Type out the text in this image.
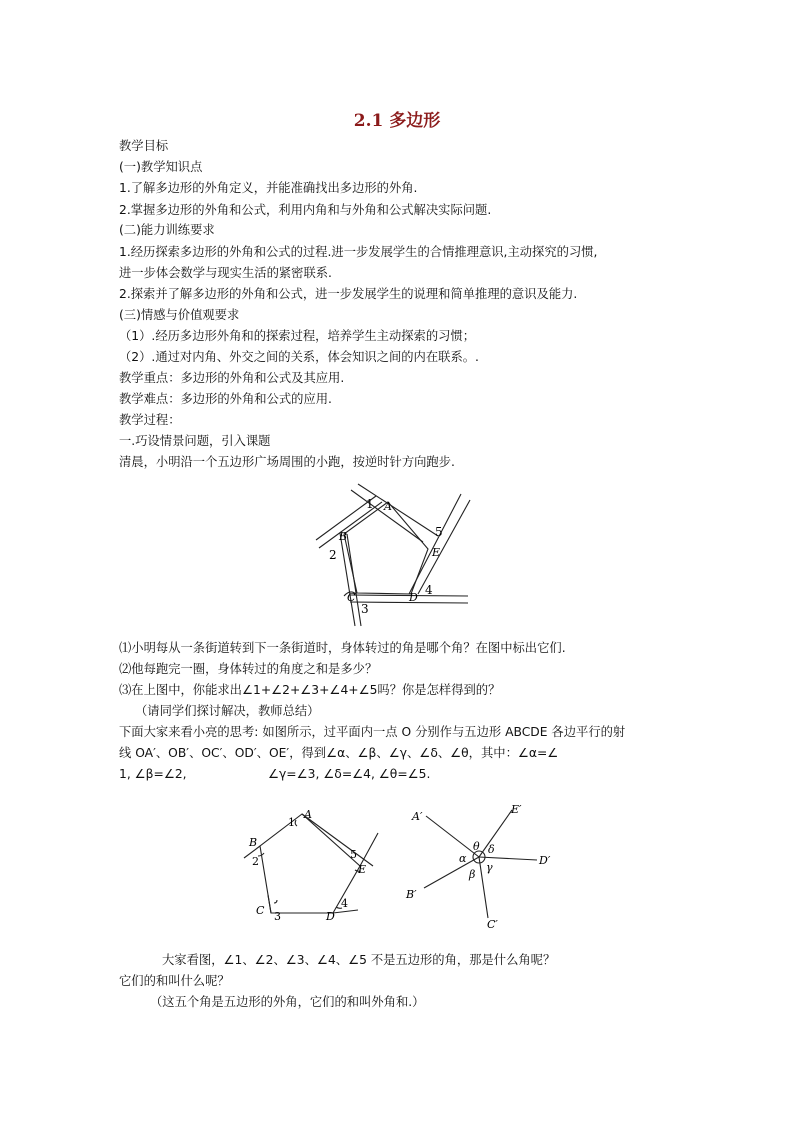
2.1 多边形
教学目标
(一)教学知识点
1.了解多边形的外角定义，并能准确找出多边形的外角.
2.掌握多边形的外角和公式，利用内角和与外角和公式解决实际问题.
(二)能力训练要求
1.经历探索多边形的外角和公式的过程.进一步发展学生的合情推理意识,主动探究的习惯,
进一步体会数学与现实生活的紧密联系.
2.探索并了解多边形的外角和公式，进一步发展学生的说理和简单推理的意识及能力.
(三)情感与价值观要求
（1）.经历多边形外角和的探索过程，培养学生主动探索的习惯；
（2）.通过对内角、外交之间的关系，体会知识之间的内在联系。.
教学重点：多边形的外角和公式及其应用.
教学难点：多边形的外角和公式的应用.
教学过程：
一.巧设情景问题，引入课题
清晨，小明沿一个五边形广场周围的小跑，按逆时针方向跑步.
1 A
5
B
E
2
C	D
4
3
⑴小明每从一条街道转到下一条街道时，身体转过的角是哪个角？在图中标出它们.
⑵他每跑完一圈，身体转过的角度之和是多少？
⑶在上图中，你能求出∠1+∠2+∠3+∠4+∠5吗？你是怎样得到的？
（请同学们探讨解决，教师总结）
下面大家来看小亮的思考: 如图所示，过平面内一点 O 分别作与五边形 ABCDE 各边平行的射
线 OA′、OB′、OC′、OD′、OE′，得到∠α、∠β、∠γ、∠δ、∠θ，其中：∠α=∠
1, ∠β=∠2,	∠γ=∠3, ∠δ=∠4, ∠θ=∠5.
A
1
B
2
5
E
C 3	D
4
A′
E′
θ δ
α
γ
β
D′
B′
C′
大家看图，∠1、∠2、∠3、∠4、∠5 不是五边形的角，那是什么角呢？
它们的和叫什么呢？
（这五个角是五边形的外角，它们的和叫外角和.）
